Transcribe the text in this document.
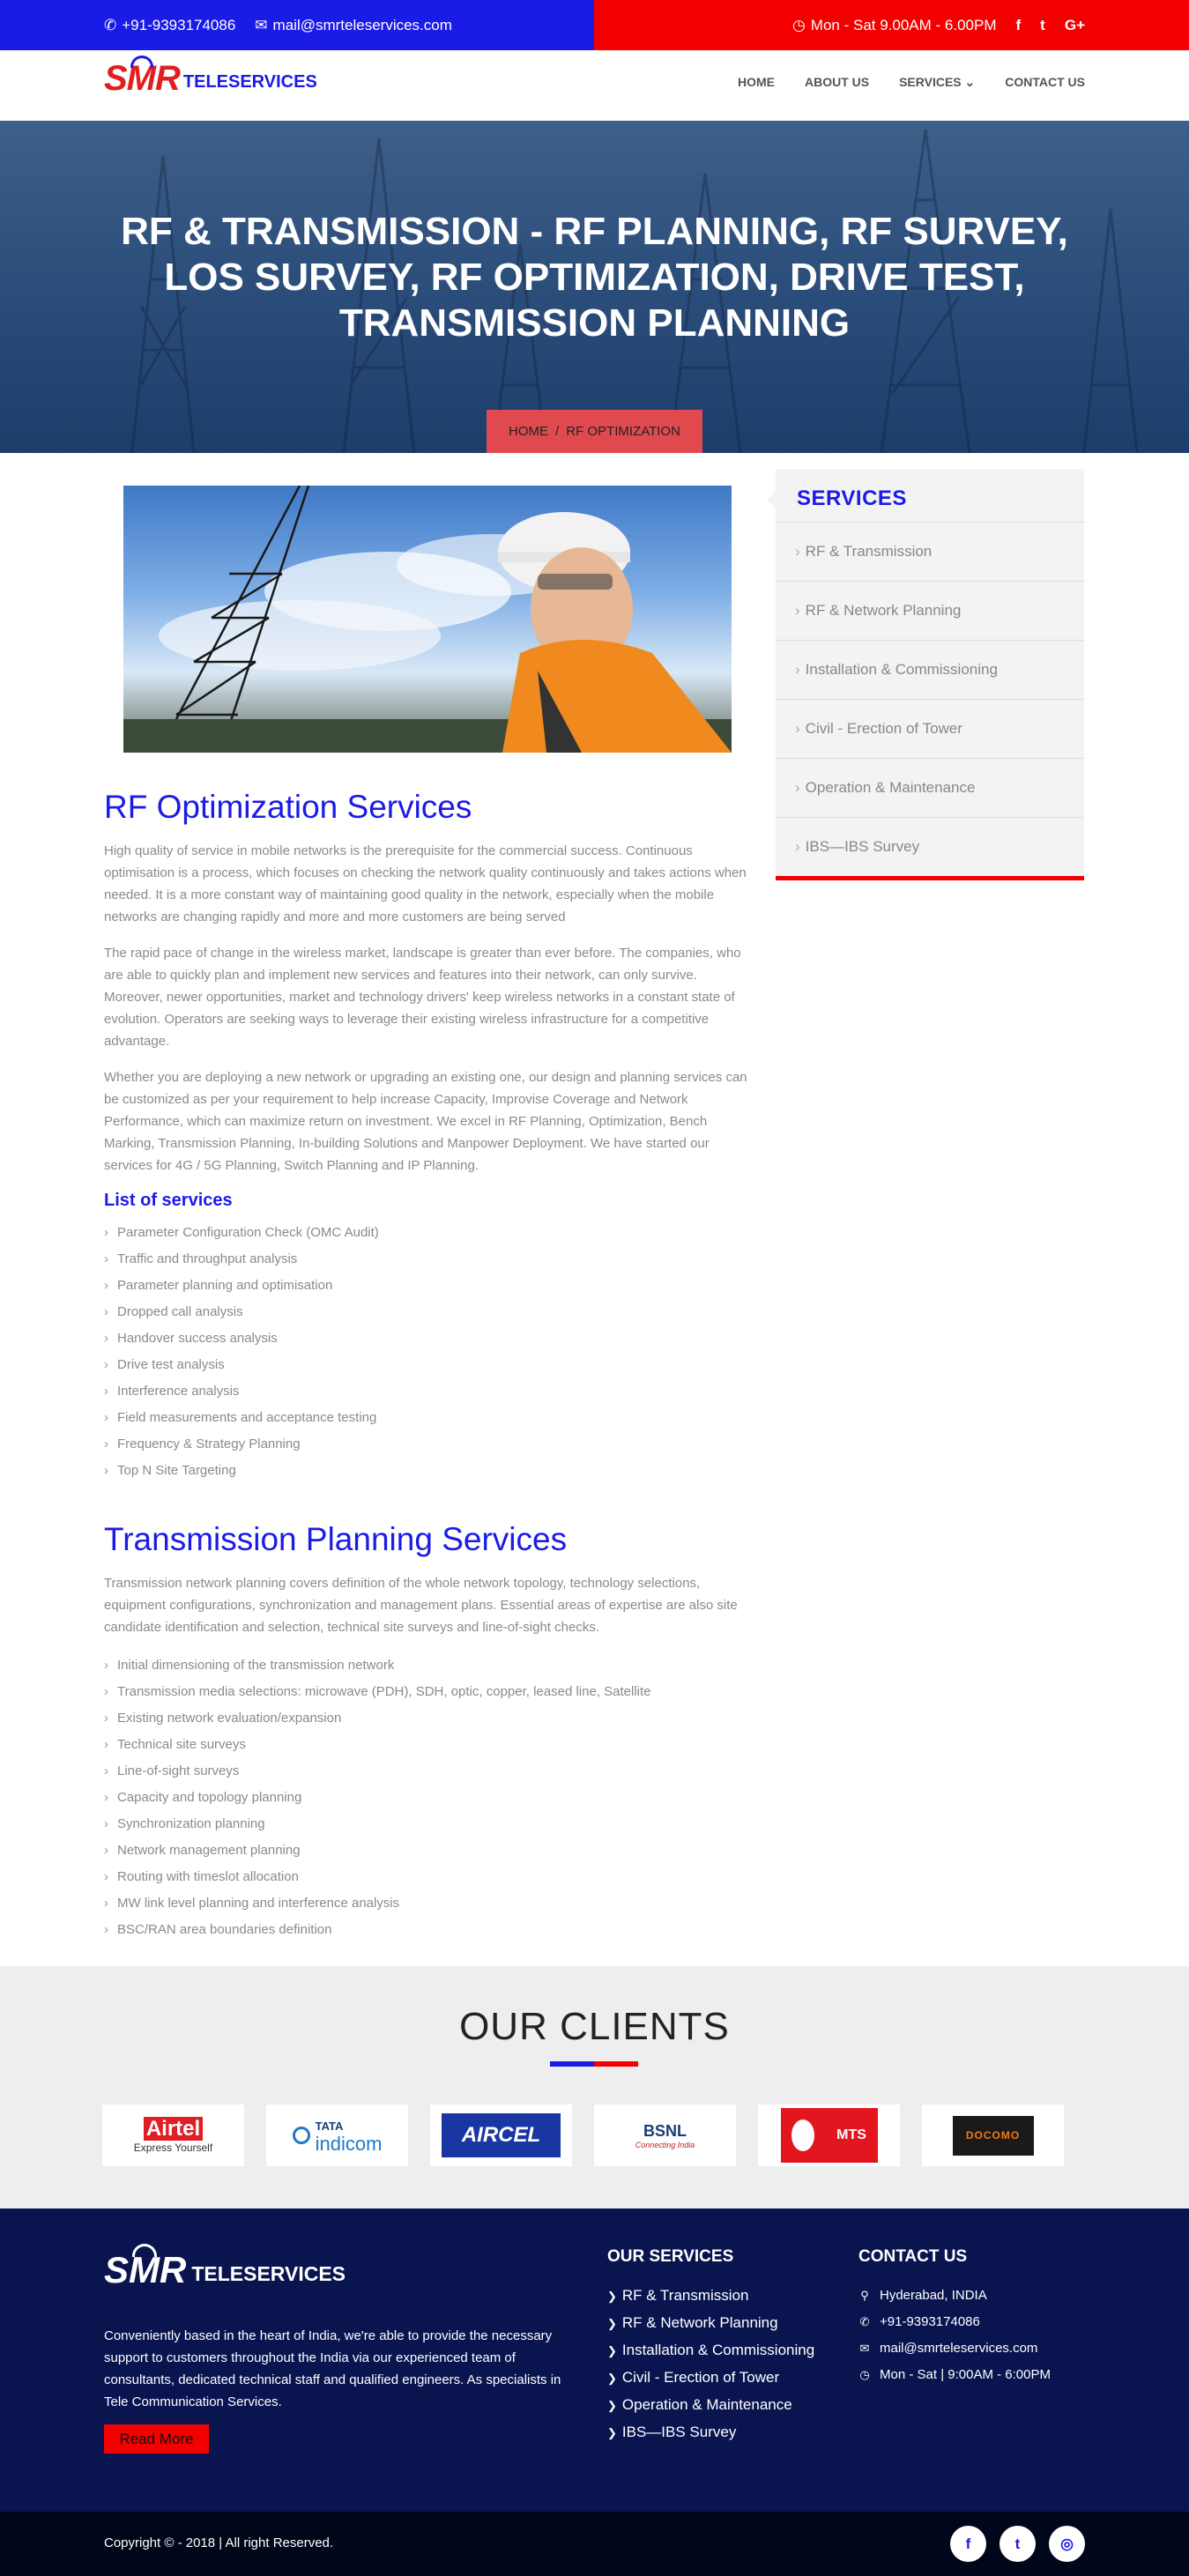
✆ +91-9393174086 ✉ mail@smrteleservices.com	◷ Mon - Sat 9.00AM - 6.00PM f t G+
SMR TELESERVICES	HOME ABOUT US SERVICES ⌄ CONTACT US
RF & TRANSMISSION - RF PLANNING, RF SURVEY, LOS SURVEY, RF OPTIMIZATION, DRIVE TEST, TRANSMISSION PLANNING
HOME / RF OPTIMIZATION
RF Optimization Services

High quality of service in mobile networks is the prerequisite for the commercial success. Continuous optimisation is a process, which focuses on checking the network quality continuously and takes actions when needed. It is a more constant way of maintaining good quality in the network, especially when the mobile networks are changing rapidly and more and more customers are being served

The rapid pace of change in the wireless market, landscape is greater than ever before. The companies, who are able to quickly plan and implement new services and features into their network, can only survive. Moreover, newer opportunities, market and technology drivers' keep wireless networks in a constant state of evolution. Operators are seeking ways to leverage their existing wireless infrastructure for a competitive advantage.

Whether you are deploying a new network or upgrading an existing one, our design and planning services can be customized as per your requirement to help increase Capacity, Improvise Coverage and Network Performance, which can maximize return on investment. We excel in RF Planning, Optimization, Bench Marking, Transmission Planning, In-building Solutions and Manpower Deployment. We have started our services for 4G / 5G Planning, Switch Planning and IP Planning.

List of services
› Parameter Configuration Check (OMC Audit)
› Traffic and throughput analysis
› Parameter planning and optimisation
› Dropped call analysis
› Handover success analysis
› Drive test analysis
› Interference analysis
› Field measurements and acceptance testing
› Frequency & Strategy Planning
› Top N Site Targeting
Transmission Planning Services

Transmission network planning covers definition of the whole network topology, technology selections, equipment configurations, synchronization and management plans. Essential areas of expertise are also site candidate identification and selection, technical site surveys and line-of-sight checks.

› Initial dimensioning of the transmission network
› Transmission media selections: microwave (PDH), SDH, optic, copper, leased line, Satellite
› Existing network evaluation/expansion
› Technical site surveys
› Line-of-sight surveys
› Capacity and topology planning
› Synchronization planning
› Network management planning
› Routing with timeslot allocation
› MW link level planning and interference analysis
› BSC/RAN area boundaries definition
SERVICES
› RF & Transmission
› RF & Network Planning
› Installation & Commissioning
› Civil - Erection of Tower
› Operation & Maintenance
› IBS—IBS Survey
OUR CLIENTS
Airtel
Express Yourself
TATA
indicom	AIRCEL	BSNL
Connecting India
MTS	DOCOMO
SMR TELESERVICES

Conveniently based in the heart of India, we're able to provide the necessary support to customers throughout the India via our experienced team of consultants, dedicated technical staff and qualified engineers. As specialists in Tele Communication Services.

Read More
OUR SERVICES
❯ RF & Transmission
❯ RF & Network Planning
❯ Installation & Commissioning
❯ Civil - Erection of Tower
❯ Operation & Maintenance
❯ IBS—IBS Survey
CONTACT US
⚲ Hyderabad, INDIA
✆ +91-9393174086
✉ mail@smrteleservices.com
◷ Mon - Sat | 9:00AM - 6:00PM
Copyright © - 2018 | All right Reserved.	f	t	◎
